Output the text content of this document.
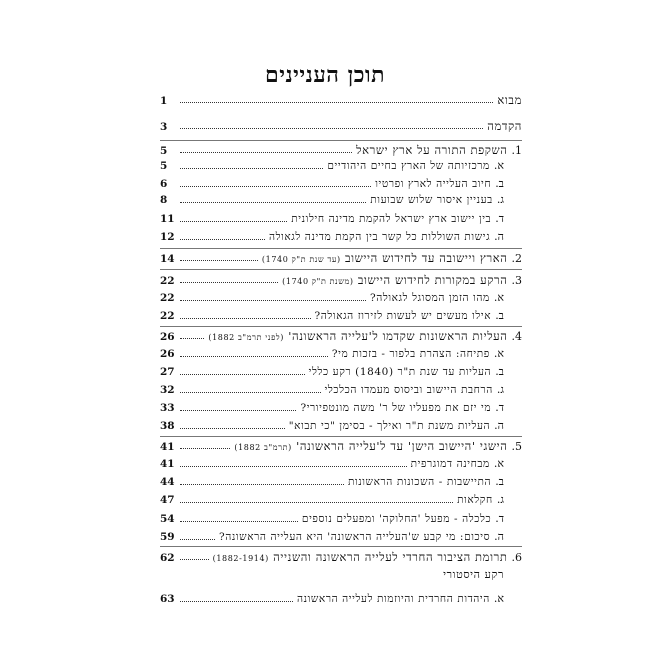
תוכן העניינים
מבוא
1
הקדמה
3
1.
השקפת התורה על ארץ ישראל
5
א.
מרכזיותה של הארץ בחיים היהודיים
5
ב.
חיוב העלייה לארץ ופרטיו
6
ג.
בעניין איסור שלוש שבועות
8
ד.
בין יישוב ארץ ישראל להקמת מדינה חילונית
11
ה.
גישות השוללות כל קשר בין הקמת מדינה לגאולה
12
2.
הארץ ויישובה עד לחידוש היישוב (עד שנת ת"ק 1740)
14
3.
הרקע במקורות לחידוש היישוב (משנת ת"ק 1740)
22
א.
מהו הזמן המסוגל לגאולה?
22
ב.
אילו מעשים יש לעשות לזירוז הגאולה?
22
4.
העליות הראשונות שקדמו ל'עלייה הראשונה' (לפני תרמ"ב 1882)
26
א.
פתיחה: הצהרת בלפור - בזכות מי?
26
ב.
העליות עד שנת ת"ר (1840) רקע כללי
27
ג.
הרחבת היישוב וביסוס מעמדו הכלכלי
32
ד.
מי יזם את מפעליו של ר' משה מונטפיורי?
33
ה.
העליות משנת ת"ר ואילך - בסימן "כי תבוא"
38
5.
הישגי 'היישוב הישן' עד ל'עלייה הראשונה' (תרמ"ב 1882)
41
א.
מבחינה דמוגרפית
41
ב.
התיישבות - השכונות הראשונות
44
ג.
חקלאות
47
ד.
כלכלה - מפעל 'החלוקה' ומפעלים נוספים
54
ה.
סיכום: מי קבע ש'העלייה הראשונה' היא העלייה הראשונה?
59
6.
תרומת הציבור החרדי לעלייה הראשונה והשנייה (1882-1914)
62
רקע היסטורי
א.
היהדות החרדית והיוזמות לעלייה הראשונה
63
